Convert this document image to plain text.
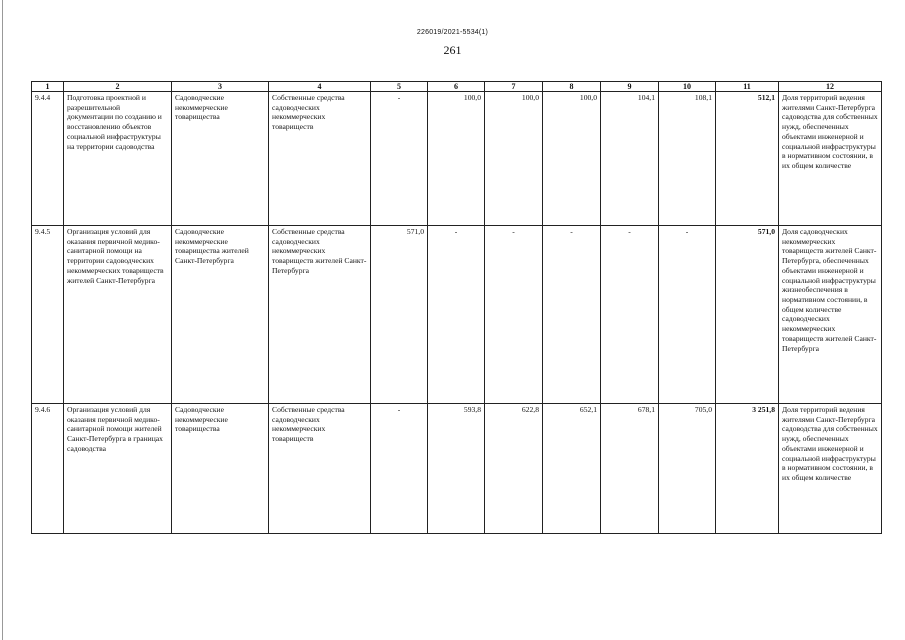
226019/2021-5534(1)
261
1	2	3	4	5	6	7	8	9	10	11	12
9.4.4	Подготовка проектной и разрешительной документации по созданию и восстановлению объектов социальной инфраструктуры на территории садоводства	Садоводческие некоммерческие товарищества	Собственные средства садоводческих некоммерческих товариществ	-	100,0	100,0	100,0	104,1	108,1	512,1	Доля территорий ведения жителями Санкт-Петербурга садоводства для собственных нужд, обеспеченных объектами инженерной и социальной инфраструктуры в нормативном состоянии, в их общем количестве
9.4.5	Организация условий для оказания первичной медико-санитарной помощи на территории садоводческих некоммерческих товариществ жителей Санкт-Петербурга	Садоводческие некоммерческие товарищества жителей Санкт-Петербурга	Собственные средства садоводческих некоммерческих товариществ жителей Санкт-Петербурга	571,0	-	-	-	-	-	571,0	Доля садоводческих некоммерческих товариществ жителей Санкт-Петербурга, обеспеченных объектами инженерной и социальной инфраструктуры жизнеобеспечения в нормативном состоянии, в общем количестве садоводческих некоммерческих товариществ жителей Санкт-Петербурга
9.4.6	Организация условий для оказания первичной медико-санитарной помощи жителей Санкт-Петербурга в границах садоводства	Садоводческие некоммерческие товарищества	Собственные средства садоводческих некоммерческих товариществ	-	593,8	622,8	652,1	678,1	705,0	3 251,8	Доля территорий ведения жителями Санкт-Петербурга садоводства для собственных нужд, обеспеченных объектами инженерной и социальной инфраструктуры в нормативном состоянии, в их общем количестве
